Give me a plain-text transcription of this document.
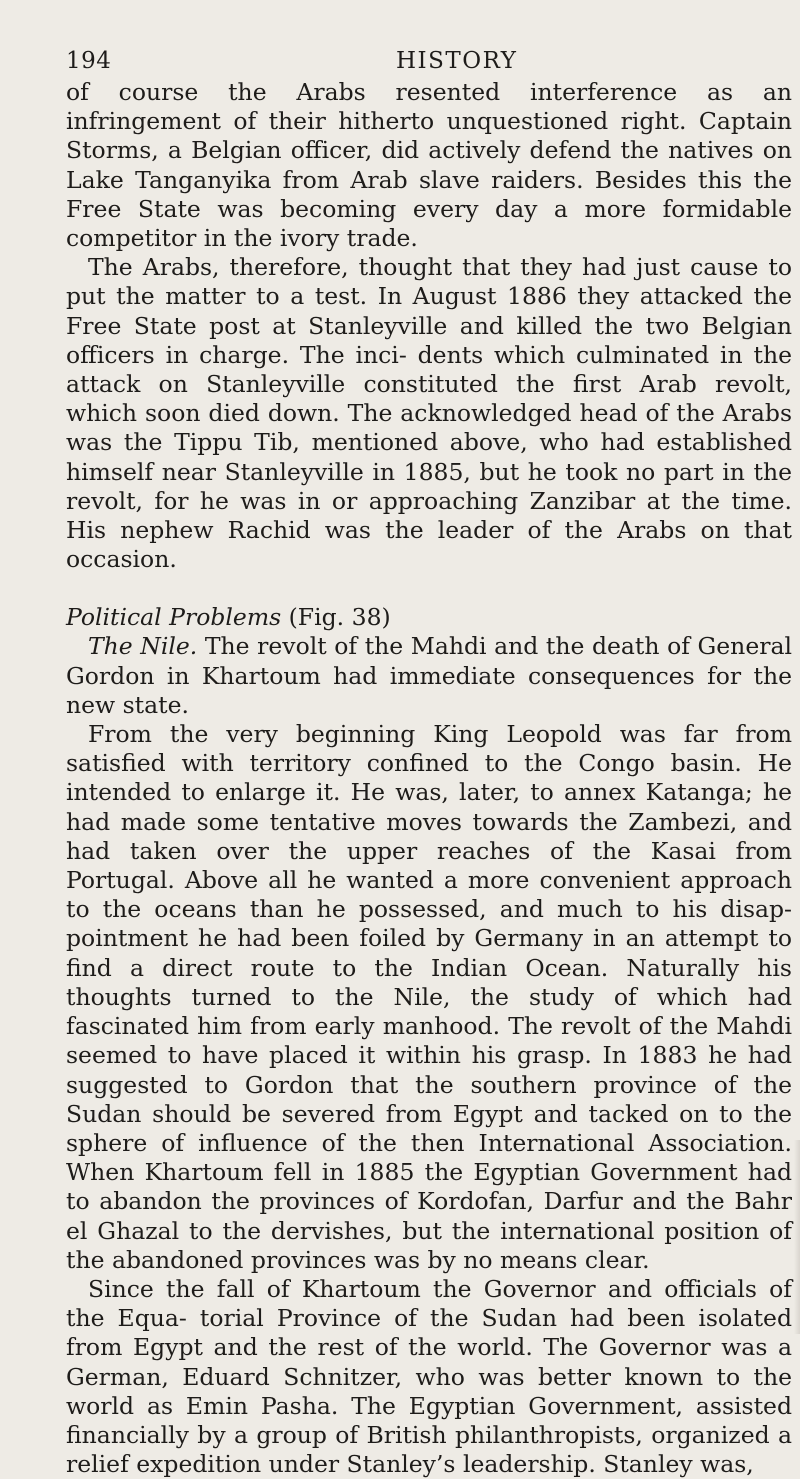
194	HISTORY

of course the Arabs resented interference as an infringement of their hitherto unquestioned right. Captain Storms, a Belgian officer, did actively defend the natives on Lake Tanganyika from Arab slave raiders. Besides this the Free State was becoming every day a more formidable competitor in the ivory trade.

The Arabs, therefore, thought that they had just cause to put the matter to a test. In August 1886 they attacked the Free State post at Stanleyville and killed the two Belgian officers in charge. The inci- dents which culminated in the attack on Stanleyville constituted the first Arab revolt, which soon died down. The acknowledged head of the Arabs was the Tippu Tib, mentioned above, who had established himself near Stanleyville in 1885, but he took no part in the revolt, for he was in or approaching Zanzibar at the time. His nephew Rachid was the leader of the Arabs on that occasion.

Political Problems (Fig. 38)

The Nile. The revolt of the Mahdi and the death of General Gordon in Khartoum had immediate consequences for the new state.

From the very beginning King Leopold was far from satisfied with territory confined to the Congo basin. He intended to enlarge it. He was, later, to annex Katanga; he had made some tentative moves towards the Zambezi, and had taken over the upper reaches of the Kasai from Portugal. Above all he wanted a more convenient approach to the oceans than he possessed, and much to his disap- pointment he had been foiled by Germany in an attempt to find a direct route to the Indian Ocean. Naturally his thoughts turned to the Nile, the study of which had fascinated him from early manhood. The revolt of the Mahdi seemed to have placed it within his grasp. In 1883 he had suggested to Gordon that the southern province of the Sudan should be severed from Egypt and tacked on to the sphere of influence of the then International Association. When Khartoum fell in 1885 the Egyptian Government had to abandon the provinces of Kordofan, Darfur and the Bahr el Ghazal to the dervishes, but the international position of the abandoned provinces was by no means clear.

Since the fall of Khartoum the Governor and officials of the Equa- torial Province of the Sudan had been isolated from Egypt and the rest of the world. The Governor was a German, Eduard Schnitzer, who was better known to the world as Emin Pasha. The Egyptian Government, assisted financially by a group of British philanthropists, organized a relief expedition under Stanley’s leadership. Stanley was,
